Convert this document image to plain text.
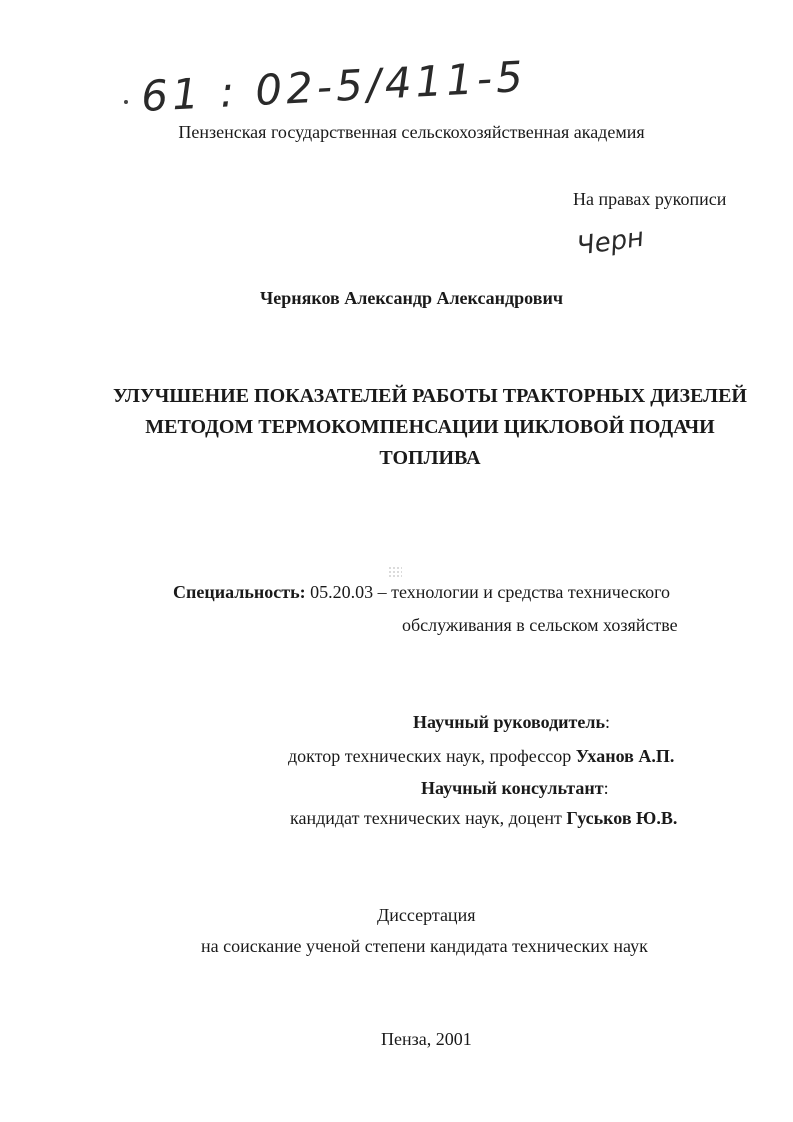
61 : 02-5/411-5
Пензенская государственная сельскохозяйственная академия
На правах рукописи
Черн
Черняков Александр Александрович
УЛУЧШЕНИЕ ПОКАЗАТЕЛЕЙ РАБОТЫ ТРАКТОРНЫХ ДИЗЕЛЕЙ
МЕТОДОМ ТЕРМОКОМПЕНСАЦИИ ЦИКЛОВОЙ ПОДАЧИ
ТОПЛИВА
Специальность: 05.20.03 – технологии и средства технического
обслуживания в сельском хозяйстве
Научный руководитель:
доктор технических наук, профессор Уханов А.П.
Научный консультант:
кандидат технических наук, доцент Гуськов Ю.В.
Диссертация
на соискание ученой степени кандидата технических наук
Пенза, 2001
